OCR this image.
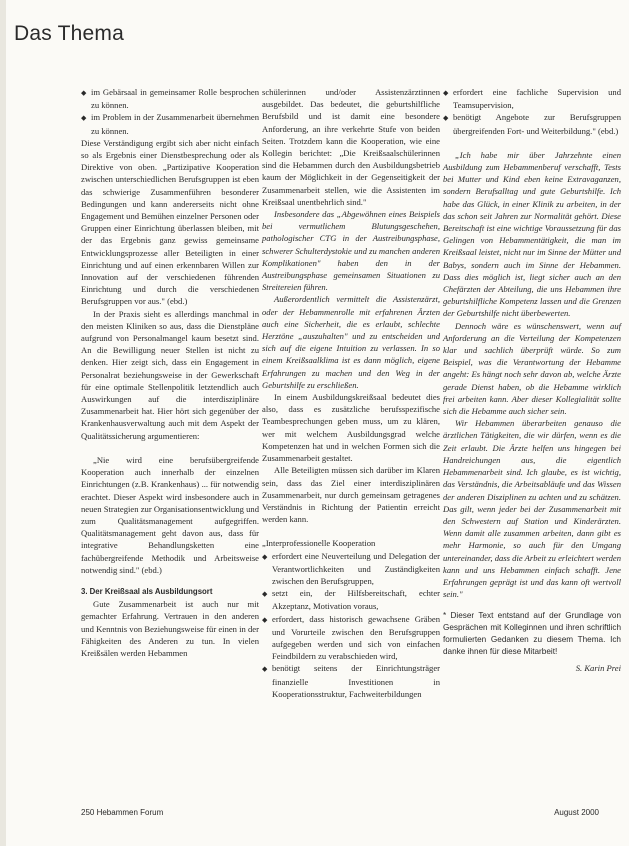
Das Thema

◆ im Gebärsaal in gemeinsamer Rolle besprochen zu können.

◆ im Problem in der Zusammenarbeit übernehmen zu können.

Diese Verständigung ergibt sich aber nicht einfach so als Ergebnis einer Dienstbesprechung oder als Direktive von oben. „Partizipative Kooperation zwischen unterschiedlichen Berufsgruppen ist eben das schwierige Zusammenführen besonderer Bedingungen und kann andererseits nicht ohne Engagement und Bemühen einzelner Personen oder Gruppen einer Einrichtung überlassen bleiben, mit der das Ergebnis ganz gewiss gemeinsame Entwicklungsprozesse aller Beteiligten in einer Einrichtung und auf einen erkennbaren Willen zur Innovation auf der verschiedenen führenden Einrichtung und durch die verschiedenen Berufsgruppen vor aus." (ebd.)

In der Praxis sieht es allerdings manchmal in den meisten Kliniken so aus, dass die Dienstpläne aufgrund von Personalmangel kaum besetzt sind. An die Bewilligung neuer Stellen ist nicht zu denken. Hier zeigt sich, dass ein Engagement in Personalrat beziehungsweise in der Gewerkschaft für eine optimale Stellenpolitik letztendlich auch Auswirkungen auf die interdisziplinäre Zusammenarbeit hat. Hier hört sich gegenüber der Krankenhausverwaltung auch mit dem Aspekt der Qualitätssicherung argumentieren:

„Nie wird eine berufsübergreifende Kooperation auch innerhalb der einzelnen Einrichtungen (z.B. Krankenhaus) ... für notwendig erachtet. Dieser Aspekt wird insbesondere auch in neuen Strategien zur Organisationsentwicklung und zum Qualitätsmanagement aufgegriffen. Qualitätsmanagement geht davon aus, dass für integrative Behandlungsketten eine fachübergreifende Methodik und Arbeitsweise notwendig sind." (ebd.)

3. Der Kreißsaal als Ausbildungsort

Gute Zusammenarbeit ist auch nur mit gemachter Erfahrung. Vertrauen in den anderen und Kenntnis von Beziehungsweise für einen in der Fähigkeiten des Anderen zu tun. In vielen Kreißsälen werden Hebammen

schülerinnen und/oder Assistenzärztinnen ausgebildet. Das bedeutet, die geburtshilfliche Berufsbild und ist damit eine besondere Anforderung, an ihre verkehrte Stufe von beiden Seiten. Trotzdem kann die Kooperation, wie eine Kollegin berichtet: „Die Kreißsaalschülerinnen sind die Hebammen durch den Ausbildungsbetrieb kaum der Möglichkeit in der Gegenseitigkeit der Zusammenarbeit stellen, wie die Assistenten im Kreißsaal unentbehrlich sind."

Insbesondere das „Abgewöhnen eines Beispiels bei vermutlichem Blutungsgeschehen, pathologischer CTG in der Austreibungsphase, schwerer Schulterdystokie und zu manchen anderen Komplikationen" haben den in der Austreibungsphase gemeinsamen Situationen zu Streitereien führen.

Außerordentlich vermittelt die Assistenzärzt, oder der Hebammenrolle mit erfahrenen Ärzten auch eine Sicherheit, die es erlaubt, schlechte Herztöne „auszuhalten" und zu entscheiden und sich auf die eigene Intuition zu verlassen. In so einem Kreißsaalklima ist es dann möglich, eigene Erfahrungen zu machen und den Weg in der Geburtshilfe zu erschließen.

In einem Ausbildungskreißsaal bedeutet dies also, dass es zusätzliche berufsspezifische Teambesprechungen geben muss, um zu klären, wer mit welchem Ausbildungsgrad welche Kompetenzen hat und in welchen Formen sich die Zusammenarbeit gestaltet.

Alle Beteiligten müssen sich darüber im Klaren sein, dass das Ziel einer interdisziplinären Zusammenarbeit, nur durch gemeinsam getragenes Verständnis in Richtung der Patientin erreicht werden kann.

„Interprofessionelle Kooperation

◆ erfordert eine Neuverteilung und Delegation der Verantwortlichkeiten und Zuständigkeiten zwischen den Berufsgruppen,

◆ setzt ein, der Hilfsbereitschaft, echter Akzeptanz, Motivation voraus,

◆ erfordert, dass historisch gewachsene Gräben und Vorurteile zwischen den Berufsgruppen aufgegeben werden und sich von einfachen Feindbildern zu verabschieden wird,

◆ benötigt seitens der Einrichtungsträger finanzielle Investitionen in Kooperationsstruktur, Fachweiterbildungen

◆ erfordert eine fachliche Supervision und Teamsupervision,

◆ benötigt Angebote zur Berufsgruppen übergreifenden Fort- und Weiterbildung." (ebd.)

„Ich habe mir über Jahrzehnte einen Ausbildung zum Hebammenberuf verschafft, Tests bei Mutter und Kind eben keine Extravaganzen, sondern Berufsalltag und gute Geburtshilfe. Ich habe das Glück, in einer Klinik zu arbeiten, in der das schon seit Jahren zur Normalität gehört. Diese Bereitschaft ist eine wichtige Voraussetzung für das Gelingen von Hebammentätigkeit, die man im Kreißsaal leistet, nicht nur im Sinne der Mütter und Babys, sondern auch im Sinne der Hebammen. Dass dies möglich ist, liegt sicher auch an den Chefärzten der Abteilung, die uns Hebammen ihre geburtshilfliche Kompetenz lassen und die Grenzen der Geburtshilfe nicht überbewerten.

Dennoch wäre es wünschenswert, wenn auf Anforderung an die Verteilung der Kompetenzen klar und sachlich überprüft würde. So zum Beispiel, was die Verantwortung der Hebamme angeht: Es hängt noch sehr davon ab, welche Ärzte gerade Dienst haben, ob die Hebamme wirklich frei arbeiten kann. Aber dieser Kollegialität sollte sich die Hebamme auch sicher sein.

Wir Hebammen überarbeiten genauso die ärztlichen Tätigkeiten, die wir dürfen, wenn es die Zeit erlaubt. Die Ärzte helfen uns hingegen bei Handreichungen aus, die eigentlich Hebammenarbeit sind. Ich glaube, es ist wichtig, das Verständnis, die Arbeitsabläufe und das Wissen der anderen Disziplinen zu achten und zu schätzen. Das gilt, wenn jeder bei der Zusammenarbeit mit den Schwestern auf Station und Kinderärzten. Wenn damit alle zusammen arbeiten, dann gibt es mehr Harmonie, so auch für den Umgang untereinander, dass die Arbeit zu erleichtert werden kann und uns Hebammen einfach schafft. Jene Erfahrungen geprägt ist und das kann oft wertvoll sein."

* Dieser Text entstand auf der Grundlage von Gesprächen mit Kolleginnen und ihren schriftlich formulierten Gedanken zu diesem Thema. Ich danke ihnen für diese Mitarbeit!

S. Karin Prei

250 Hebammen Forum	August 2000
